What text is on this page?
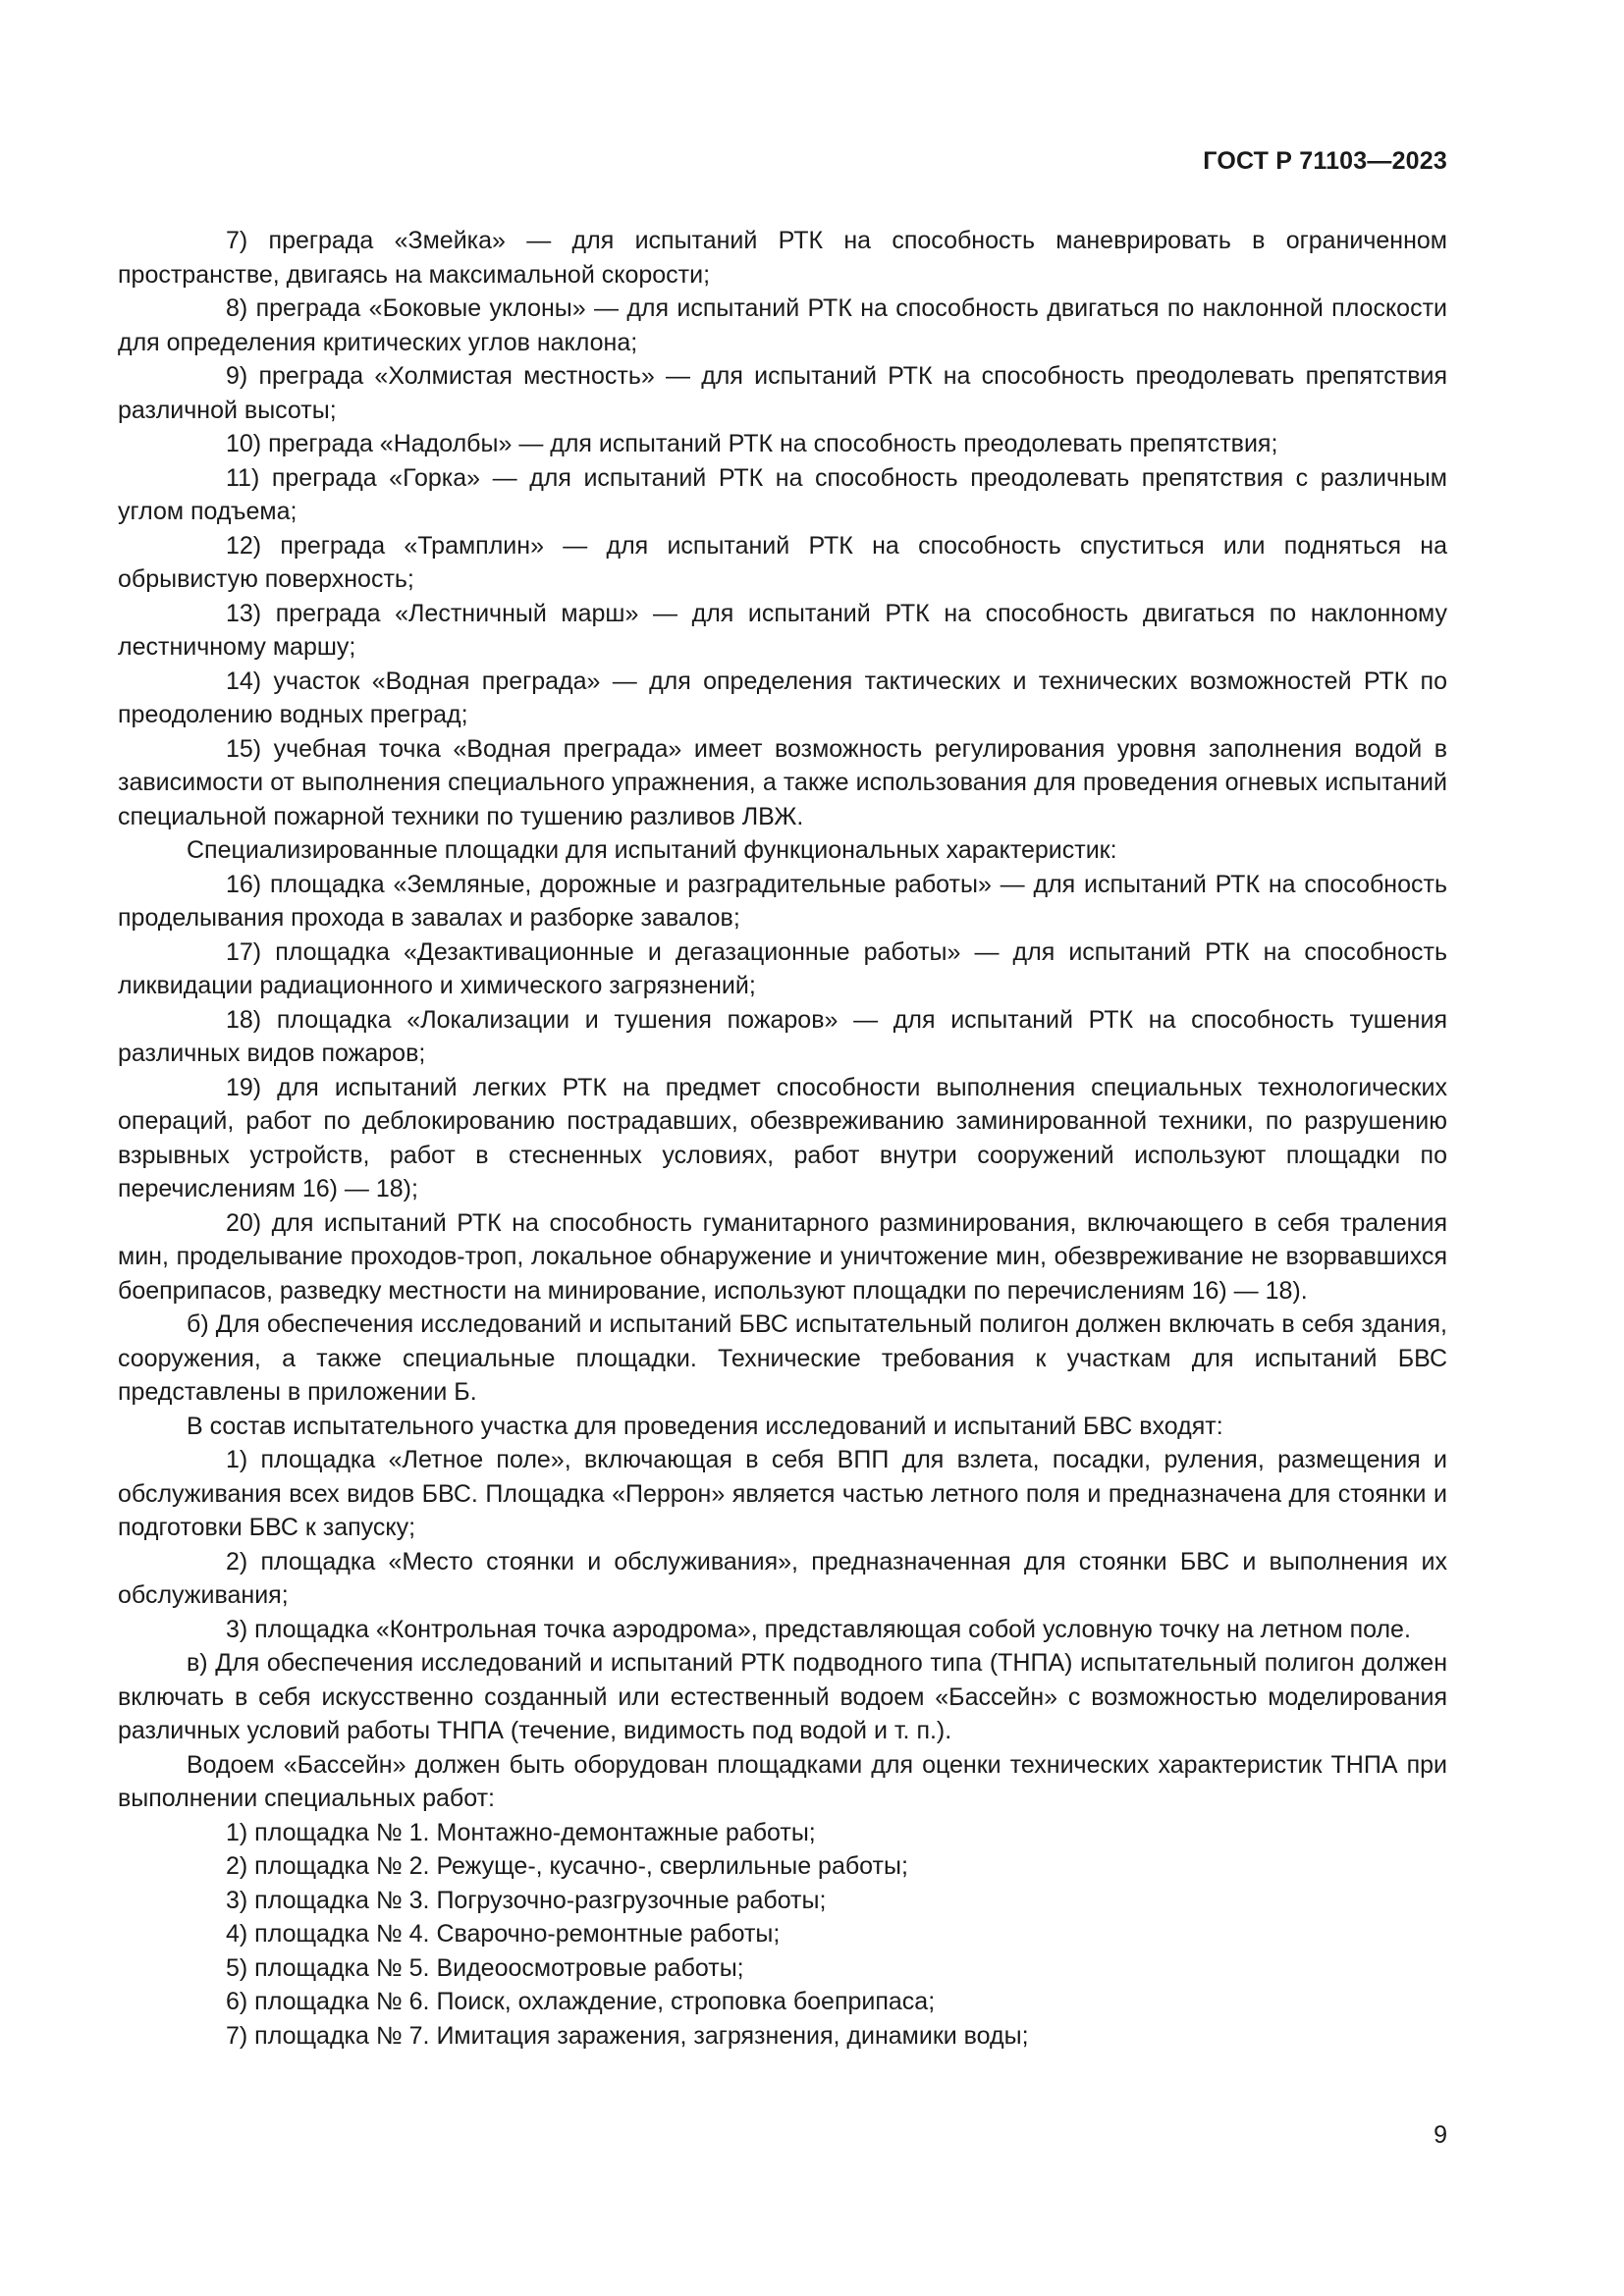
ГОСТ Р 71103—2023

7) преграда «Змейка» — для испытаний РТК на способность маневрировать в ограниченном пространстве, двигаясь на максимальной скорости;

8) преграда «Боковые уклоны» — для испытаний РТК на способность двигаться по наклонной плоскости для определения критических углов наклона;

9) преграда «Холмистая местность» — для испытаний РТК на способность преодолевать препятствия различной высоты;

10) преграда «Надолбы» — для испытаний РТК на способность преодолевать препятствия;

11) преграда «Горка» — для испытаний РТК на способность преодолевать препятствия с различным углом подъема;

12) преграда «Трамплин» — для испытаний РТК на способность спуститься или подняться на обрывистую поверхность;

13) преграда «Лестничный марш» — для испытаний РТК на способность двигаться по наклонному лестничному маршу;

14) участок «Водная преграда» — для определения тактических и технических возможностей РТК по преодолению водных преград;

15) учебная точка «Водная преграда» имеет возможность регулирования уровня заполнения водой в зависимости от выполнения специального упражнения, а также использования для проведения огневых испытаний специальной пожарной техники по тушению разливов ЛВЖ.

Специализированные площадки для испытаний функциональных характеристик:

16) площадка «Земляные, дорожные и разградительные работы» — для испытаний РТК на способность проделывания прохода в завалах и разборке завалов;

17) площадка «Дезактивационные и дегазационные работы» — для испытаний РТК на способность ликвидации радиационного и химического загрязнений;

18) площадка «Локализации и тушения пожаров» — для испытаний РТК на способность тушения различных видов пожаров;

19) для испытаний легких РТК на предмет способности выполнения специальных технологических операций, работ по деблокированию пострадавших, обезвреживанию заминированной техники, по разрушению взрывных устройств, работ в стесненных условиях, работ внутри сооружений используют площадки по перечислениям 16) — 18);

20) для испытаний РТК на способность гуманитарного разминирования, включающего в себя траления мин, проделывание проходов-троп, локальное обнаружение и уничтожение мин, обезвреживание не взорвавшихся боеприпасов, разведку местности на минирование, используют площадки по перечислениям 16) — 18).

б) Для обеспечения исследований и испытаний БВС испытательный полигон должен включать в себя здания, сооружения, а также специальные площадки. Технические требования к участкам для испытаний БВС представлены в приложении Б.

В состав испытательного участка для проведения исследований и испытаний БВС входят:

1) площадка «Летное поле», включающая в себя ВПП для взлета, посадки, руления, размещения и обслуживания всех видов БВС. Площадка «Перрон» является частью летного поля и предназначена для стоянки и подготовки БВС к запуску;

2) площадка «Место стоянки и обслуживания», предназначенная для стоянки БВС и выполнения их обслуживания;

3) площадка «Контрольная точка аэродрома», представляющая собой условную точку на летном поле.

в) Для обеспечения исследований и испытаний РТК подводного типа (ТНПА) испытательный полигон должен включать в себя искусственно созданный или естественный водоем «Бассейн» с возможностью моделирования различных условий работы ТНПА (течение, видимость под водой и т. п.).

Водоем «Бассейн» должен быть оборудован площадками для оценки технических характеристик ТНПА при выполнении специальных работ:

1) площадка № 1. Монтажно-демонтажные работы;

2) площадка № 2. Режуще-, кусачно-, сверлильные работы;

3) площадка № 3. Погрузочно-разгрузочные работы;

4) площадка № 4. Сварочно-ремонтные работы;

5) площадка № 5. Видеоосмотровые работы;

6) площадка № 6. Поиск, охлаждение, строповка боеприпаса;

7) площадка № 7. Имитация заражения, загрязнения, динамики воды;

9
